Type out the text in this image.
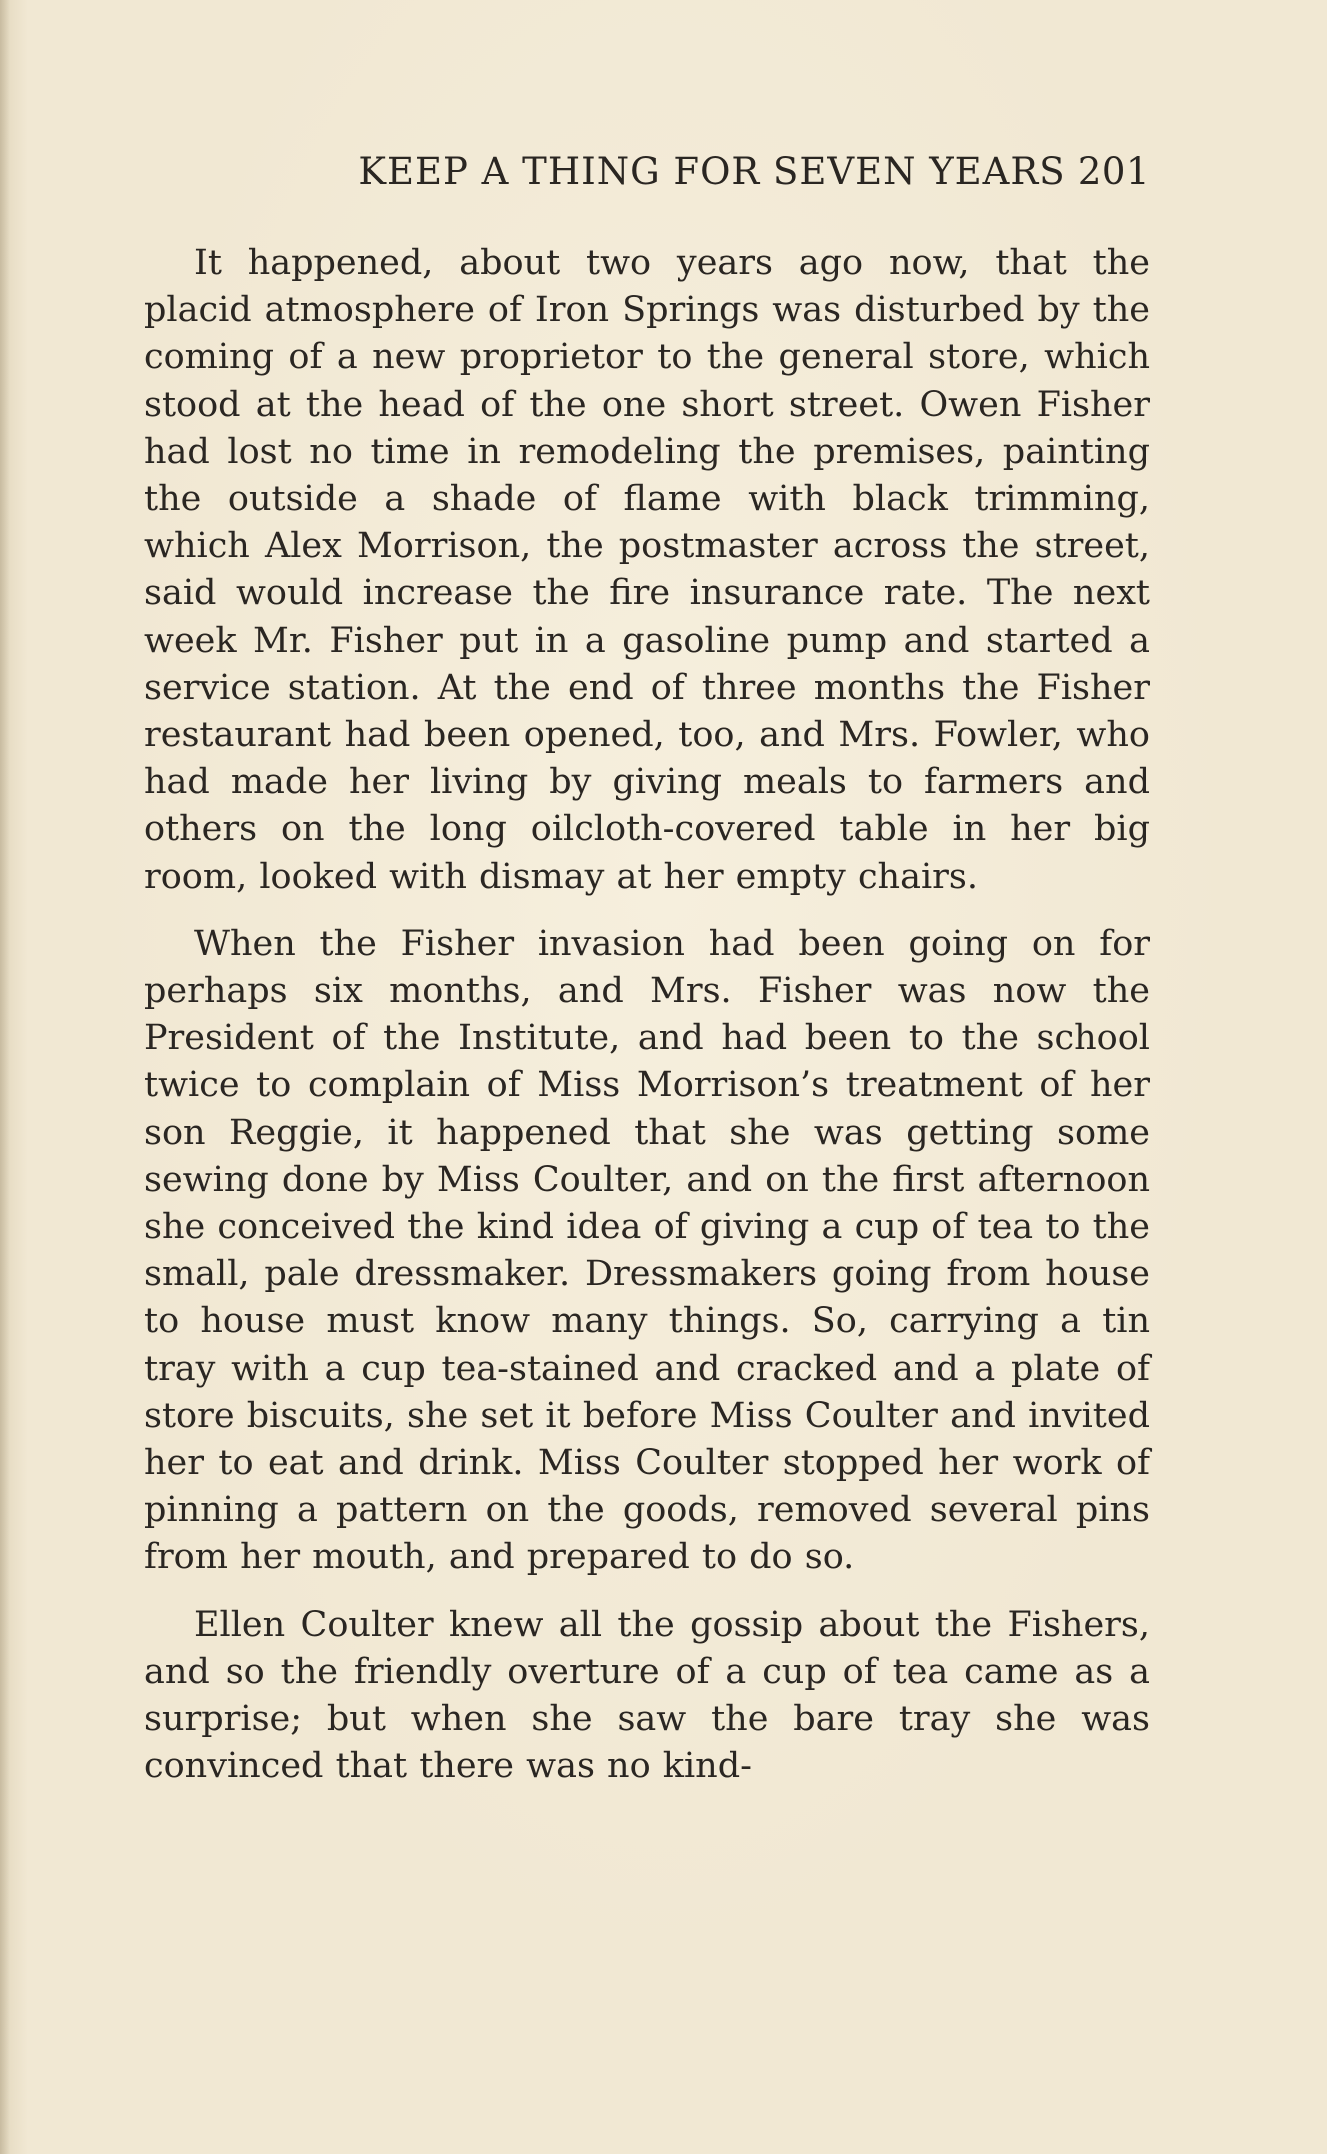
KEEP A THING FOR SEVEN YEARS 201

It happened, about two years ago now, that the placid atmosphere of Iron Springs was disturbed by the coming of a new proprietor to the general store, which stood at the head of the one short street. Owen Fisher had lost no time in remodeling the premises, painting the outside a shade of flame with black trimming, which Alex Morrison, the postmaster across the street, said would increase the fire insurance rate. The next week Mr. Fisher put in a gasoline pump and started a service station. At the end of three months the Fisher restaurant had been opened, too, and Mrs. Fowler, who had made her living by giving meals to farmers and others on the long oilcloth-covered table in her big room, looked with dismay at her empty chairs.

When the Fisher invasion had been going on for perhaps six months, and Mrs. Fisher was now the President of the Institute, and had been to the school twice to complain of Miss Morrison’s treatment of her son Reggie, it happened that she was getting some sewing done by Miss Coulter, and on the first afternoon she conceived the kind idea of giving a cup of tea to the small, pale dressmaker. Dressmakers going from house to house must know many things. So, carrying a tin tray with a cup tea-stained and cracked and a plate of store biscuits, she set it before Miss Coulter and invited her to eat and drink. Miss Coulter stopped her work of pinning a pattern on the goods, removed several pins from her mouth, and prepared to do so.

Ellen Coulter knew all the gossip about the Fishers, and so the friendly overture of a cup of tea came as a surprise; but when she saw the bare tray she was convinced that there was no kind-
